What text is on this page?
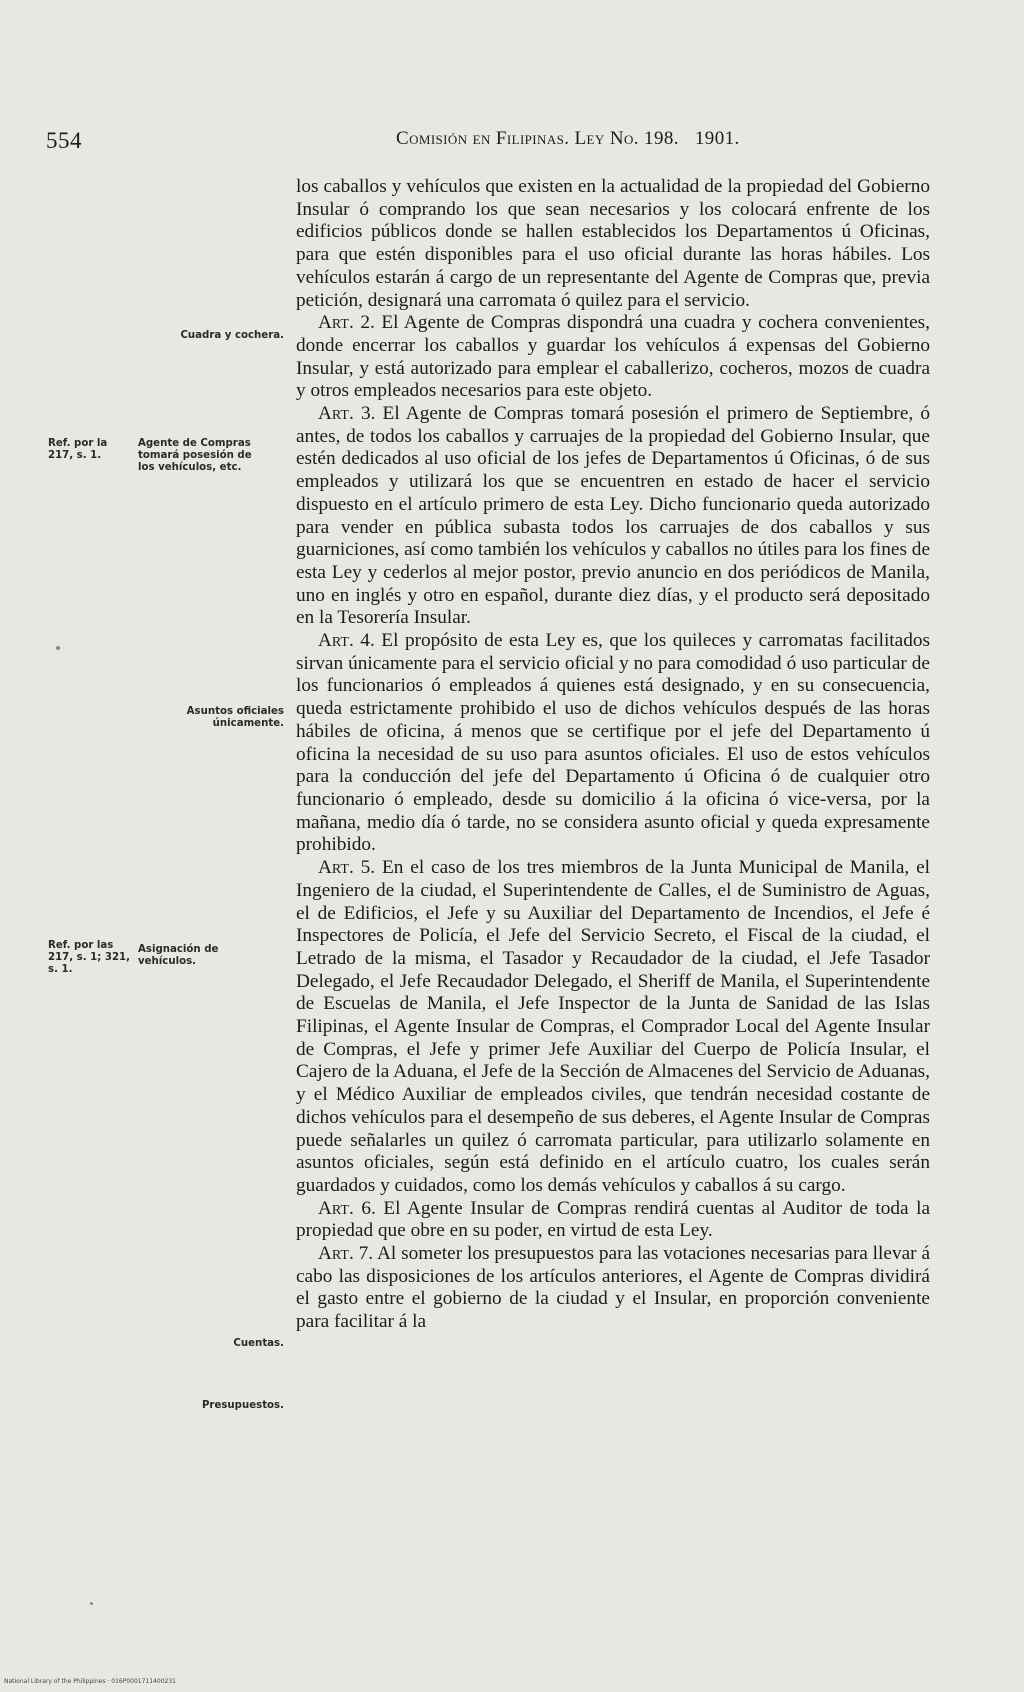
554	Comisión en Filipinas. Ley No. 198. 1901.
Cuadra y cochera.
Ref. por la 217, s. 1.
Agente de Compras tomará posesión de los vehículos, etc.
Asuntos oficiales únicamente.
Ref. por las 217, s. 1; 321, s. 1.
Asignación de vehículos.
Cuentas.
Presupuestos.

los caballos y vehículos que existen en la actualidad de la propiedad del Gobierno Insular ó comprando los que sean necesarios y los colocará enfrente de los edificios públicos donde se hallen establecidos los Departamentos ú Oficinas, para que estén disponibles para el uso oficial durante las horas hábiles. Los vehículos estarán á cargo de un representante del Agente de Compras que, previa petición, designará una carromata ó quilez para el servicio.

Art. 2. El Agente de Compras dispondrá una cuadra y cochera convenientes, donde encerrar los caballos y guardar los vehículos á expensas del Gobierno Insular, y está autorizado para emplear el caballerizo, cocheros, mozos de cuadra y otros empleados necesarios para este objeto.

Art. 3. El Agente de Compras tomará posesión el primero de Septiembre, ó antes, de todos los caballos y carruajes de la propiedad del Gobierno Insular, que estén dedicados al uso oficial de los jefes de Departamentos ú Oficinas, ó de sus empleados y utilizará los que se encuentren en estado de hacer el servicio dispuesto en el artículo primero de esta Ley. Dicho funcionario queda autorizado para vender en pública subasta todos los carruajes de dos caballos y sus guarniciones, así como también los vehículos y caballos no útiles para los fines de esta Ley y cederlos al mejor postor, previo anuncio en dos periódicos de Manila, uno en inglés y otro en español, durante diez días, y el producto será depositado en la Tesorería Insular.

Art. 4. El propósito de esta Ley es, que los quileces y carromatas facilitados sirvan únicamente para el servicio oficial y no para comodidad ó uso particular de los funcionarios ó empleados á quienes está designado, y en su consecuencia, queda estrictamente prohibido el uso de dichos vehículos después de las horas hábiles de oficina, á menos que se certifique por el jefe del Departamento ú oficina la necesidad de su uso para asuntos oficiales. El uso de estos vehículos para la conducción del jefe del Departamento ú Oficina ó de cualquier otro funcionario ó empleado, desde su domicilio á la oficina ó vice-versa, por la mañana, medio día ó tarde, no se considera asunto oficial y queda expresamente prohibido.

Art. 5. En el caso de los tres miembros de la Junta Municipal de Manila, el Ingeniero de la ciudad, el Superintendente de Calles, el de Suministro de Aguas, el de Edificios, el Jefe y su Auxiliar del Departamento de Incendios, el Jefe é Inspectores de Policía, el Jefe del Servicio Secreto, el Fiscal de la ciudad, el Letrado de la misma, el Tasador y Recaudador de la ciudad, el Jefe Tasador Delegado, el Jefe Recaudador Delegado, el Sheriff de Manila, el Superintendente de Escuelas de Manila, el Jefe Inspector de la Junta de Sanidad de las Islas Filipinas, el Agente Insular de Compras, el Comprador Local del Agente Insular de Compras, el Jefe y primer Jefe Auxiliar del Cuerpo de Policía Insular, el Cajero de la Aduana, el Jefe de la Sección de Almacenes del Servicio de Aduanas, y el Médico Auxiliar de empleados civiles, que tendrán necesidad costante de dichos vehículos para el desempeño de sus deberes, el Agente Insular de Compras puede señalarles un quilez ó carromata particular, para utilizarlo solamente en asuntos oficiales, según está definido en el artículo cuatro, los cuales serán guardados y cuidados, como los demás vehículos y caballos á su cargo.

Art. 6. El Agente Insular de Compras rendirá cuentas al Auditor de toda la propiedad que obre en su poder, en virtud de esta Ley.

Art. 7. Al someter los presupuestos para las votaciones necesarias para llevar á cabo las disposiciones de los artículos anteriores, el Agente de Compras dividirá el gasto entre el gobierno de la ciudad y el Insular, en proporción conveniente para facilitar á la

National Library of the Philippines · 016P0001711400231
